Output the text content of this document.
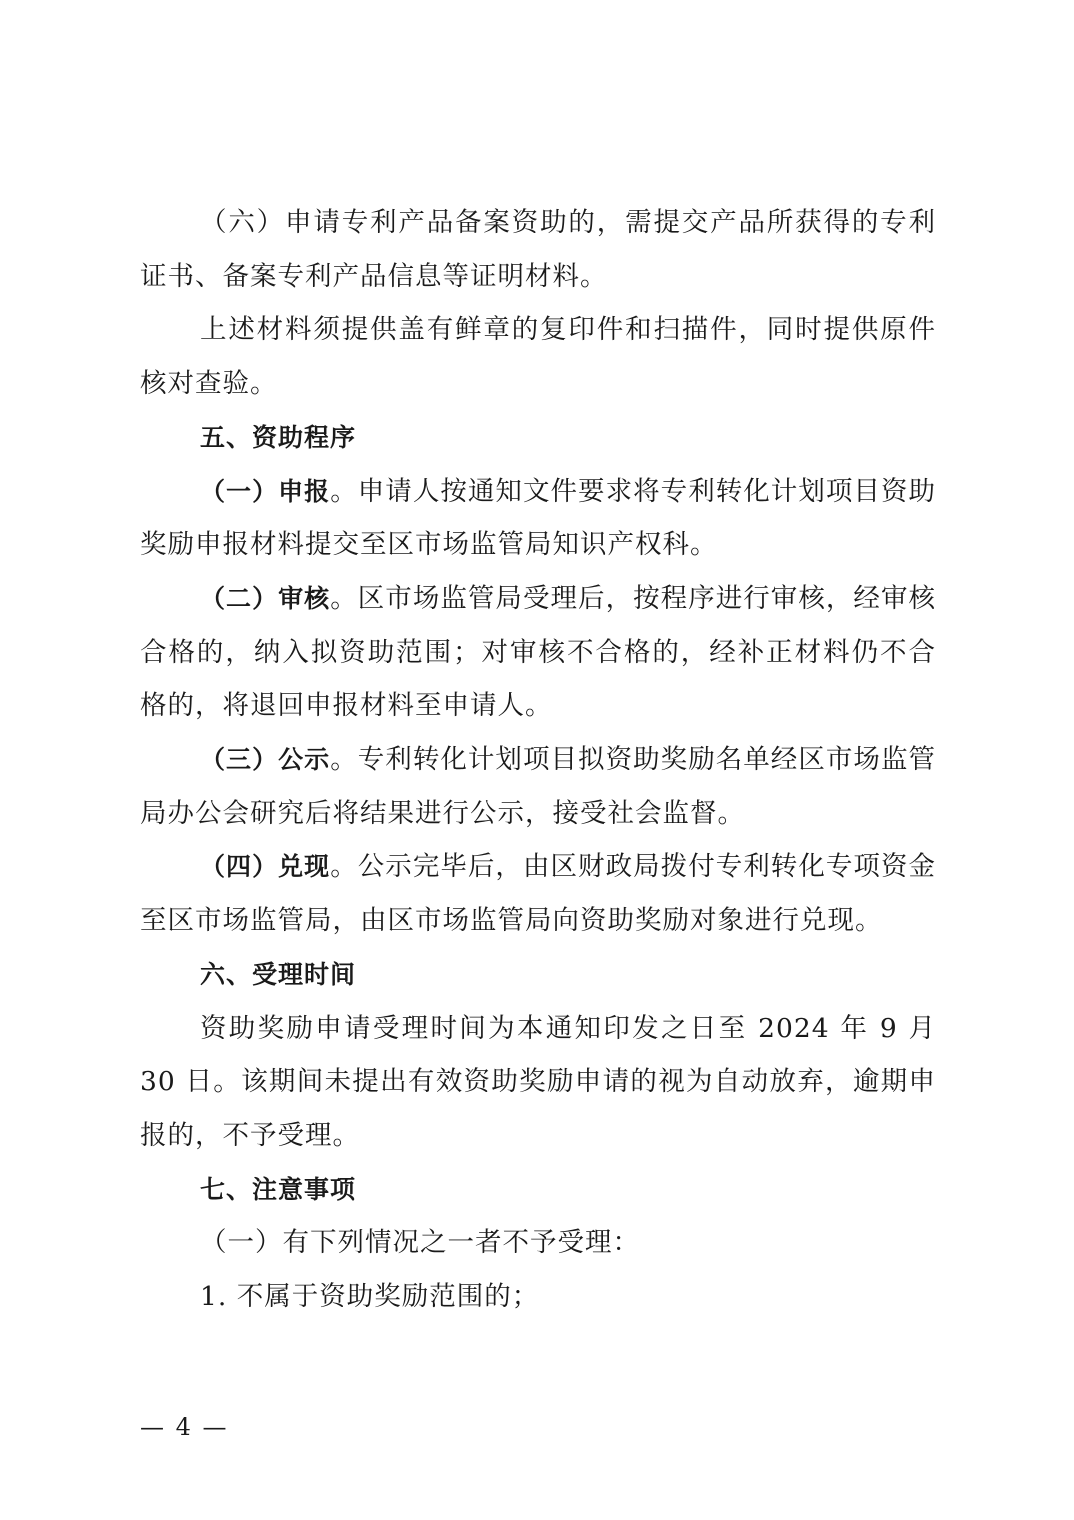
（六）申请专利产品备案资助的，需提交产品所获得的专利证书、备案专利产品信息等证明材料。

上述材料须提供盖有鲜章的复印件和扫描件，同时提供原件核对查验。

五、资助程序

（一）申报。申请人按通知文件要求将专利转化计划项目资助奖励申报材料提交至区市场监管局知识产权科。

（二）审核。区市场监管局受理后，按程序进行审核，经审核合格的，纳入拟资助范围；对审核不合格的，经补正材料仍不合格的，将退回申报材料至申请人。

（三）公示。专利转化计划项目拟资助奖励名单经区市场监管局办公会研究后将结果进行公示，接受社会监督。

（四）兑现。公示完毕后，由区财政局拨付专利转化专项资金至区市场监管局，由区市场监管局向资助奖励对象进行兑现。

六、受理时间

资助奖励申请受理时间为本通知印发之日至 2024 年 9 月 30 日。该期间未提出有效资助奖励申请的视为自动放弃，逾期申报的，不予受理。

七、注意事项

（一）有下列情况之一者不予受理：

1. 不属于资助奖励范围的；

— 4 —
